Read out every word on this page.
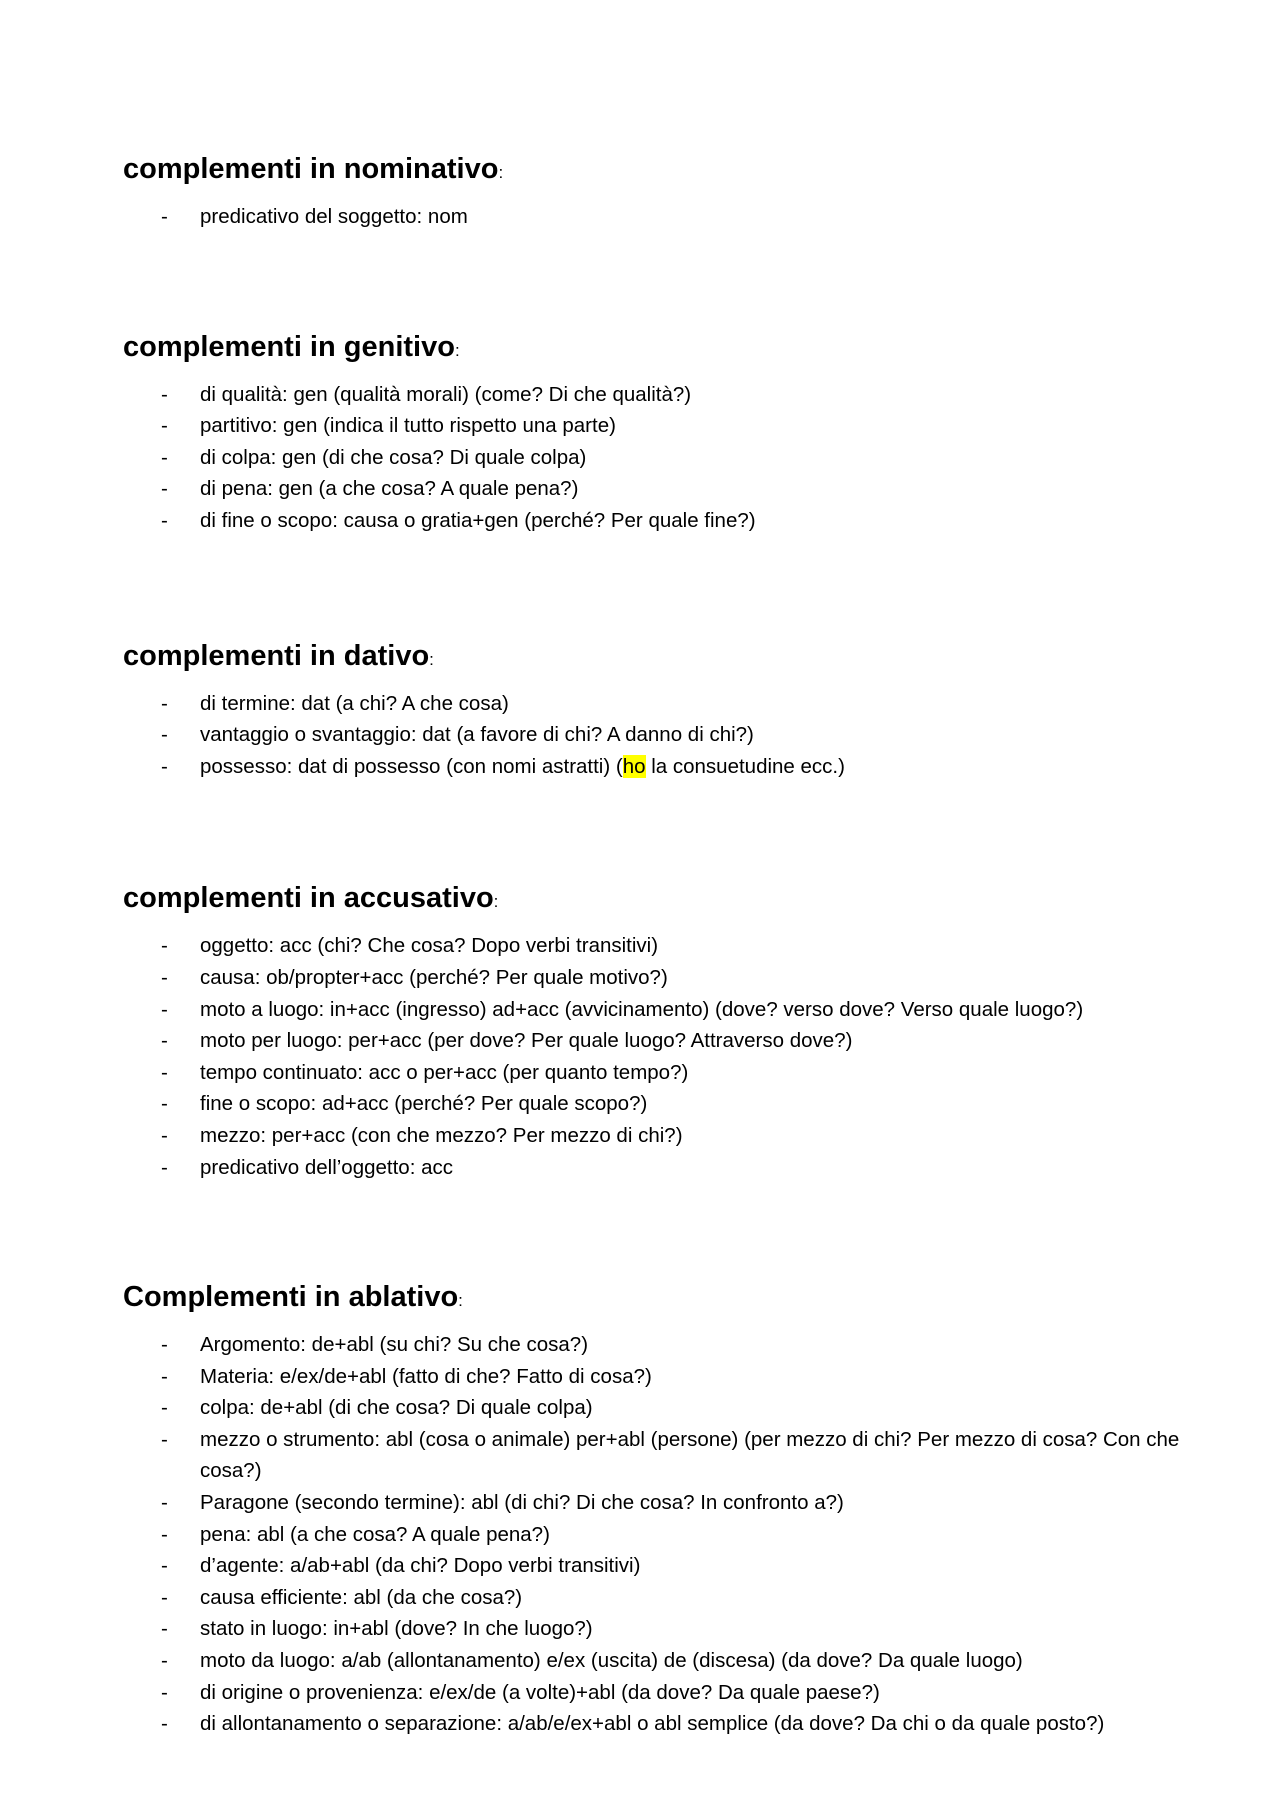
complementi in nominativo:
- predicativo del soggetto: nom
complementi in genitivo:
- di qualità: gen (qualità morali) (come? Di che qualità?)
- partitivo: gen (indica il tutto rispetto una parte)
- di colpa: gen (di che cosa? Di quale colpa)
- di pena: gen (a che cosa? A quale pena?)
- di fine o scopo: causa o gratia+gen (perché? Per quale fine?)
complementi in dativo:
- di termine: dat (a chi? A che cosa)
- vantaggio o svantaggio: dat (a favore di chi? A danno di chi?)
- possesso: dat di possesso (con nomi astratti) (ho la consuetudine ecc.)
complementi in accusativo:
- oggetto: acc (chi? Che cosa? Dopo verbi transitivi)
- causa: ob/propter+acc (perché? Per quale motivo?)
- moto a luogo: in+acc (ingresso) ad+acc (avvicinamento) (dove? verso dove? Verso quale luogo?)
- moto per luogo: per+acc (per dove? Per quale luogo? Attraverso dove?)
- tempo continuato: acc o per+acc (per quanto tempo?)
- fine o scopo: ad+acc (perché? Per quale scopo?)
- mezzo: per+acc (con che mezzo? Per mezzo di chi?)
- predicativo dell’oggetto: acc
Complementi in ablativo:
- Argomento: de+abl (su chi? Su che cosa?)
- Materia: e/ex/de+abl (fatto di che? Fatto di cosa?)
- colpa: de+abl (di che cosa? Di quale colpa)
- mezzo o strumento: abl (cosa o animale) per+abl (persone) (per mezzo di chi? Per mezzo di cosa? Con che cosa?)
- Paragone (secondo termine): abl (di chi? Di che cosa? In confronto a?)
- pena: abl (a che cosa? A quale pena?)
- d’agente: a/ab+abl (da chi? Dopo verbi transitivi)
- causa efficiente: abl (da che cosa?)
- stato in luogo: in+abl (dove? In che luogo?)
- moto da luogo: a/ab (allontanamento) e/ex (uscita) de (discesa) (da dove? Da quale luogo)
- di origine o provenienza: e/ex/de (a volte)+abl (da dove? Da quale paese?)
- di allontanamento o separazione: a/ab/e/ex+abl o abl semplice (da dove? Da chi o da quale posto?)
